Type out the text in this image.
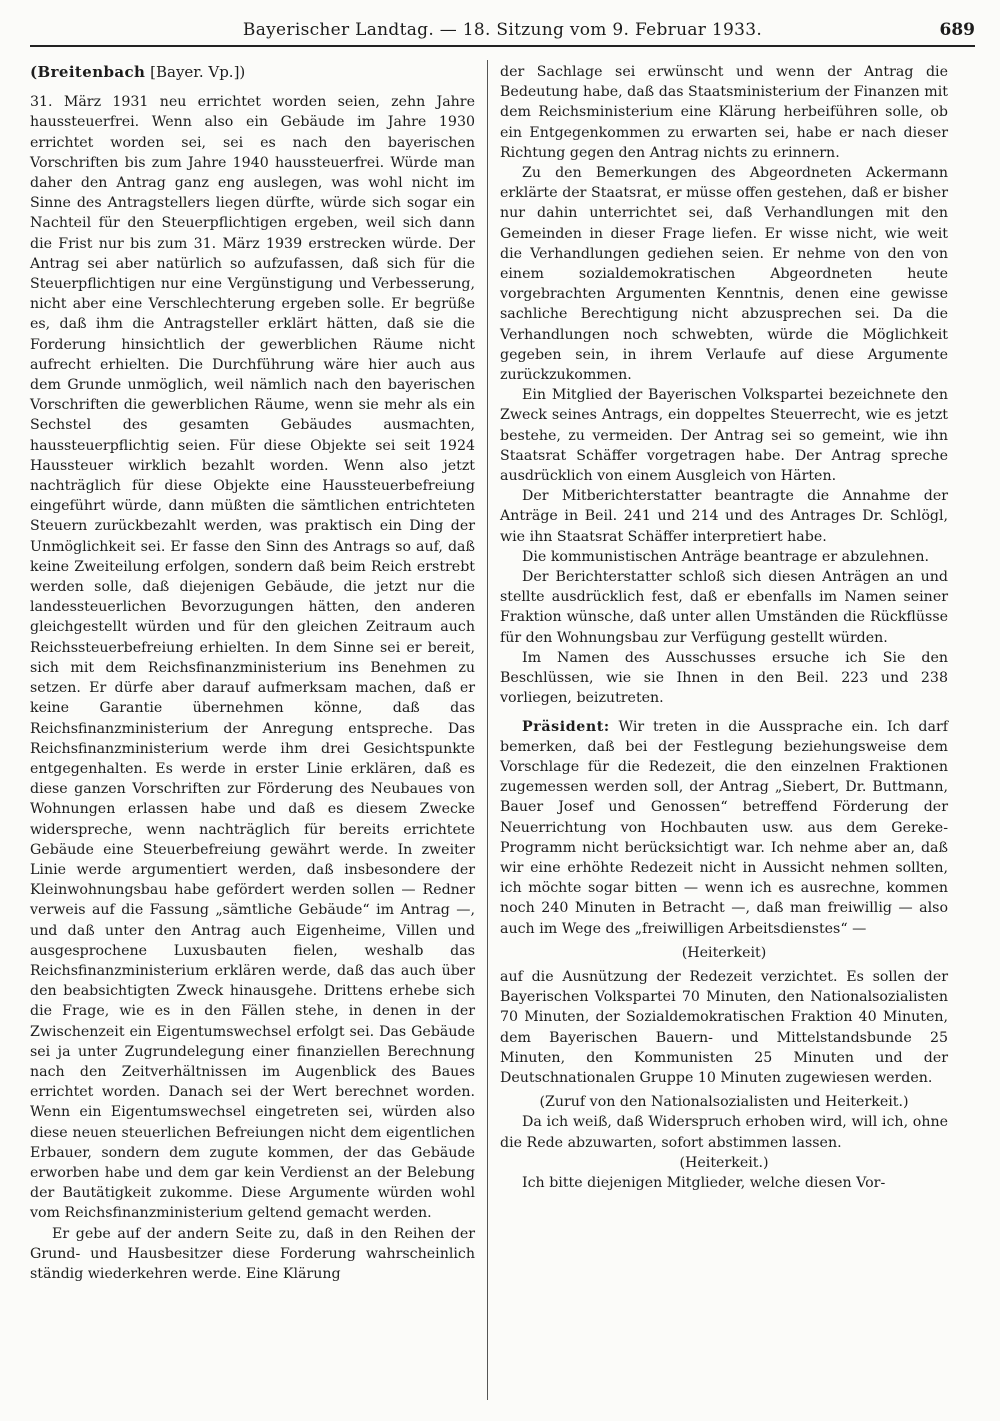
Bayerischer Landtag. — 18. Sitzung vom 9. Februar 1933.	689

(Breitenbach [Bayer. Vp.])

31. März 1931 neu errichtet worden seien, zehn Jahre haussteuerfrei. Wenn also ein Gebäude im Jahre 1930 errichtet worden sei, sei es nach den bayerischen Vorschriften bis zum Jahre 1940 haussteuerfrei. Würde man daher den Antrag ganz eng auslegen, was wohl nicht im Sinne des Antragstellers liegen dürfte, würde sich sogar ein Nachteil für den Steuerpflichtigen ergeben, weil sich dann die Frist nur bis zum 31. März 1939 erstrecken würde. Der Antrag sei aber natürlich so aufzufassen, daß sich für die Steuerpflichtigen nur eine Vergünstigung und Verbesserung, nicht aber eine Verschlechterung ergeben solle. Er begrüße es, daß ihm die Antragsteller erklärt hätten, daß sie die Forderung hinsichtlich der gewerblichen Räume nicht aufrecht erhielten. Die Durchführung wäre hier auch aus dem Grunde unmöglich, weil nämlich nach den bayerischen Vorschriften die gewerblichen Räume, wenn sie mehr als ein Sechstel des gesamten Gebäudes ausmachten, haussteuerpflichtig seien. Für diese Objekte sei seit 1924 Haussteuer wirklich bezahlt worden. Wenn also jetzt nachträglich für diese Objekte eine Haussteuerbefreiung eingeführt würde, dann müßten die sämtlichen entrichteten Steuern zurückbezahlt werden, was praktisch ein Ding der Unmöglichkeit sei. Er fasse den Sinn des Antrags so auf, daß keine Zweiteilung erfolgen, sondern daß beim Reich erstrebt werden solle, daß diejenigen Gebäude, die jetzt nur die landessteuerlichen Bevorzugungen hätten, den anderen gleichgestellt würden und für den gleichen Zeitraum auch Reichssteuerbefreiung erhielten. In dem Sinne sei er bereit, sich mit dem Reichsfinanzministerium ins Benehmen zu setzen. Er dürfe aber darauf aufmerksam machen, daß er keine Garantie übernehmen könne, daß das Reichsfinanzministerium der Anregung entspreche. Das Reichsfinanzministerium werde ihm drei Gesichtspunkte entgegenhalten. Es werde in erster Linie erklären, daß es diese ganzen Vorschriften zur Förderung des Neubaues von Wohnungen erlassen habe und daß es diesem Zwecke widerspreche, wenn nachträglich für bereits errichtete Gebäude eine Steuerbefreiung gewährt werde. In zweiter Linie werde argumentiert werden, daß insbesondere der Kleinwohnungsbau habe gefördert werden sollen — Redner verweis auf die Fassung „sämtliche Gebäude“ im Antrag —, und daß unter den Antrag auch Eigenheime, Villen und ausgesprochene Luxusbauten fielen, weshalb das Reichsfinanzministerium erklären werde, daß das auch über den beabsichtigten Zweck hinausgehe. Drittens erhebe sich die Frage, wie es in den Fällen stehe, in denen in der Zwischenzeit ein Eigentumswechsel erfolgt sei. Das Gebäude sei ja unter Zugrundelegung einer finanziellen Berechnung nach den Zeitverhältnissen im Augenblick des Baues errichtet worden. Danach sei der Wert berechnet worden. Wenn ein Eigentumswechsel eingetreten sei, würden also diese neuen steuerlichen Befreiungen nicht dem eigentlichen Erbauer, sondern dem zugute kommen, der das Gebäude erworben habe und dem gar kein Verdienst an der Belebung der Bautätigkeit zukomme. Diese Argumente würden wohl vom Reichsfinanzministerium geltend gemacht werden.

Er gebe auf der andern Seite zu, daß in den Reihen der Grund- und Hausbesitzer diese Forderung wahrscheinlich ständig wiederkehren werde. Eine Klärung

der Sachlage sei erwünscht und wenn der Antrag die Bedeutung habe, daß das Staatsministerium der Finanzen mit dem Reichsministerium eine Klärung herbeiführen solle, ob ein Entgegenkommen zu erwarten sei, habe er nach dieser Richtung gegen den Antrag nichts zu erinnern.

Zu den Bemerkungen des Abgeordneten Ackermann erklärte der Staatsrat, er müsse offen gestehen, daß er bisher nur dahin unterrichtet sei, daß Verhandlungen mit den Gemeinden in dieser Frage liefen. Er wisse nicht, wie weit die Verhandlungen gediehen seien. Er nehme von den von einem sozialdemokratischen Abgeordneten heute vorgebrachten Argumenten Kenntnis, denen eine gewisse sachliche Berechtigung nicht abzusprechen sei. Da die Verhandlungen noch schwebten, würde die Möglichkeit gegeben sein, in ihrem Verlaufe auf diese Argumente zurückzukommen.

Ein Mitglied der Bayerischen Volkspartei bezeichnete den Zweck seines Antrags, ein doppeltes Steuerrecht, wie es jetzt bestehe, zu vermeiden. Der Antrag sei so gemeint, wie ihn Staatsrat Schäffer vorgetragen habe. Der Antrag spreche ausdrücklich von einem Ausgleich von Härten.

Der Mitberichterstatter beantragte die Annahme der Anträge in Beil. 241 und 214 und des Antrages Dr. Schlögl, wie ihn Staatsrat Schäffer interpretiert habe.

Die kommunistischen Anträge beantrage er abzulehnen.

Der Berichterstatter schloß sich diesen Anträgen an und stellte ausdrücklich fest, daß er ebenfalls im Namen seiner Fraktion wünsche, daß unter allen Umständen die Rückflüsse für den Wohnungsbau zur Verfügung gestellt würden.

Im Namen des Ausschusses ersuche ich Sie den Beschlüssen, wie sie Ihnen in den Beil. 223 und 238 vorliegen, beizutreten.

Präsident: Wir treten in die Aussprache ein. Ich darf bemerken, daß bei der Festlegung beziehungsweise dem Vorschlage für die Redezeit, die den einzelnen Fraktionen zugemessen werden soll, der Antrag „Siebert, Dr. Buttmann, Bauer Josef und Genossen“ betreffend Förderung der Neuerrichtung von Hochbauten usw. aus dem Gereke-Programm nicht berücksichtigt war. Ich nehme aber an, daß wir eine erhöhte Redezeit nicht in Aussicht nehmen sollten, ich möchte sogar bitten — wenn ich es ausrechne, kommen noch 240 Minuten in Betracht —, daß man freiwillig — also auch im Wege des „freiwilligen Arbeitsdienstes“ —

(Heiterkeit)

auf die Ausnützung der Redezeit verzichtet. Es sollen der Bayerischen Volkspartei 70 Minuten, den Nationalsozialisten 70 Minuten, der Sozialdemokratischen Fraktion 40 Minuten, dem Bayerischen Bauern- und Mittelstandsbunde 25 Minuten, den Kommunisten 25 Minuten und der Deutschnationalen Gruppe 10 Minuten zugewiesen werden.

(Zuruf von den Nationalsozialisten und Heiterkeit.)

Da ich weiß, daß Widerspruch erhoben wird, will ich, ohne die Rede abzuwarten, sofort abstimmen lassen.

(Heiterkeit.)

Ich bitte diejenigen Mitglieder, welche diesen Vor-
